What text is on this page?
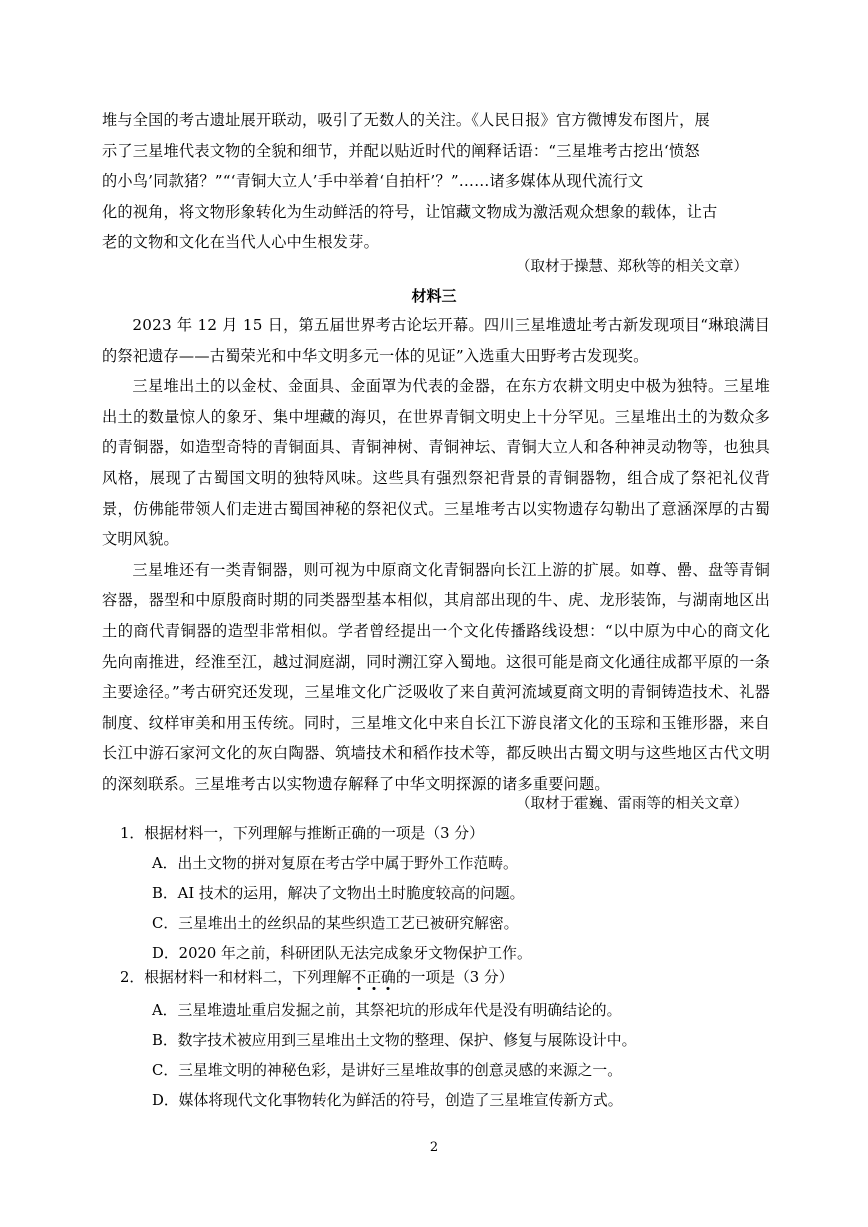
堆与全国的考古遗址展开联动，吸引了无数人的关注。《人民日报》官方微博发布图片，展

示了三星堆代表文物的全貌和细节，并配以贴近时代的阐释话语：“三星堆考古挖出‘愤怒

的小鸟’同款猪？”“‘青铜大立人’手中举着‘自拍杆’？”……诸多媒体从现代流行文

化的视角，将文物形象转化为生动鲜活的符号，让馆藏文物成为激活观众想象的载体，让古

老的文物和文化在当代人心中生根发芽。

（取材于操慧、郑秋等的相关文章）
材料三

2023 年 12 月 15 日，第五届世界考古论坛开幕。四川三星堆遗址考古新发现项目“琳琅满目的祭祀遗存——古蜀荣光和中华文明多元一体的见证”入选重大田野考古发现奖。

三星堆出土的以金杖、金面具、金面罩为代表的金器，在东方农耕文明史中极为独特。三星堆出土的数量惊人的象牙、集中埋藏的海贝，在世界青铜文明史上十分罕见。三星堆出土的为数众多的青铜器，如造型奇特的青铜面具、青铜神树、青铜神坛、青铜大立人和各种神灵动物等，也独具风格，展现了古蜀国文明的独特风味。这些具有强烈祭祀背景的青铜器物，组合成了祭祀礼仪背景，仿佛能带领人们走进古蜀国神秘的祭祀仪式。三星堆考古以实物遗存勾勒出了意涵深厚的古蜀文明风貌。

三星堆还有一类青铜器，则可视为中原商文化青铜器向长江上游的扩展。如尊、罍、盘等青铜容器，器型和中原殷商时期的同类器型基本相似，其肩部出现的牛、虎、龙形装饰，与湖南地区出土的商代青铜器的造型非常相似。学者曾经提出一个文化传播路线设想：“以中原为中心的商文化先向南推进，经淮至江，越过洞庭湖，同时溯江穿入蜀地。这很可能是商文化通往成都平原的一条主要途径。”考古研究还发现，三星堆文化广泛吸收了来自黄河流域夏商文明的青铜铸造技术、礼器制度、纹样审美和用玉传统。同时，三星堆文化中来自长江下游良渚文化的玉琮和玉锥形器，来自长江中游石家河文化的灰白陶器、筑墙技术和稻作技术等，都反映出古蜀文明与这些地区古代文明的深刻联系。三星堆考古以实物遗存解释了中华文明探源的诸多重要问题。

（取材于霍巍、雷雨等的相关文章）
1．根据材料一，下列理解与推断正确的一项是（3 分）
A．出土文物的拼对复原在考古学中属于野外工作范畴。
B．AI 技术的运用，解决了文物出土时脆度较高的问题。
C．三星堆出土的丝织品的某些织造工艺已被研究解密。
D．2020 年之前，科研团队无法完成象牙文物保护工作。
2．根据材料一和材料二，下列理解不正确的一项是（3 分）
A．三星堆遗址重启发掘之前，其祭祀坑的形成年代是没有明确结论的。
B．数字技术被应用到三星堆出土文物的整理、保护、修复与展陈设计中。
C．三星堆文明的神秘色彩，是讲好三星堆故事的创意灵感的来源之一。
D．媒体将现代文化事物转化为鲜活的符号，创造了三星堆宣传新方式。
2
